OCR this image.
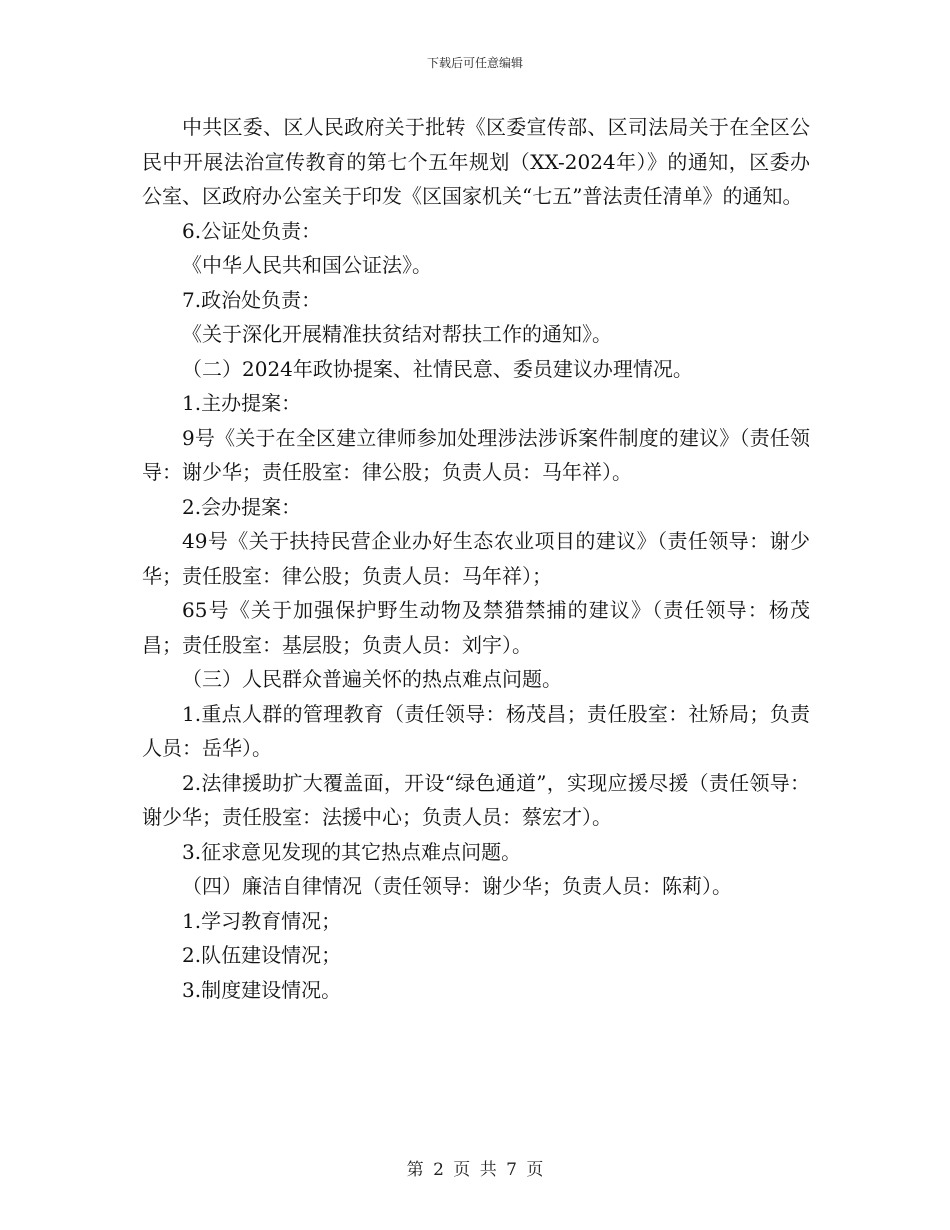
下载后可任意编辑

中共区委、区人民政府关于批转《区委宣传部、区司法局关于在全区公民中开展法治宣传教育的第七个五年规划（XX-2024年）》的通知，区委办公室、区政府办公室关于印发《区国家机关“七五”普法责任清单》的通知。

6.公证处负责：

《中华人民共和国公证法》。

7.政治处负责：

《关于深化开展精准扶贫结对帮扶工作的通知》。

（二）2024年政协提案、社情民意、委员建议办理情况。

1.主办提案：

9号《关于在全区建立律师参加处理涉法涉诉案件制度的建议》（责任领导：谢少华；责任股室：律公股；负责人员：马年祥）。

2.会办提案：

49号《关于扶持民营企业办好生态农业项目的建议》（责任领导：谢少华；责任股室：律公股；负责人员：马年祥）；

65号《关于加强保护野生动物及禁猎禁捕的建议》（责任领导：杨茂昌；责任股室：基层股；负责人员：刘宇）。

（三）人民群众普遍关怀的热点难点问题。

1.重点人群的管理教育（责任领导：杨茂昌；责任股室：社矫局；负责人员：岳华）。

2.法律援助扩大覆盖面，开设“绿色通道”，实现应援尽援（责任领导：谢少华；责任股室：法援中心；负责人员：蔡宏才）。

3.征求意见发现的其它热点难点问题。

（四）廉洁自律情况（责任领导：谢少华；负责人员：陈莉）。

1.学习教育情况；

2.队伍建设情况；

3.制度建设情况。

第 2 页 共 7 页
